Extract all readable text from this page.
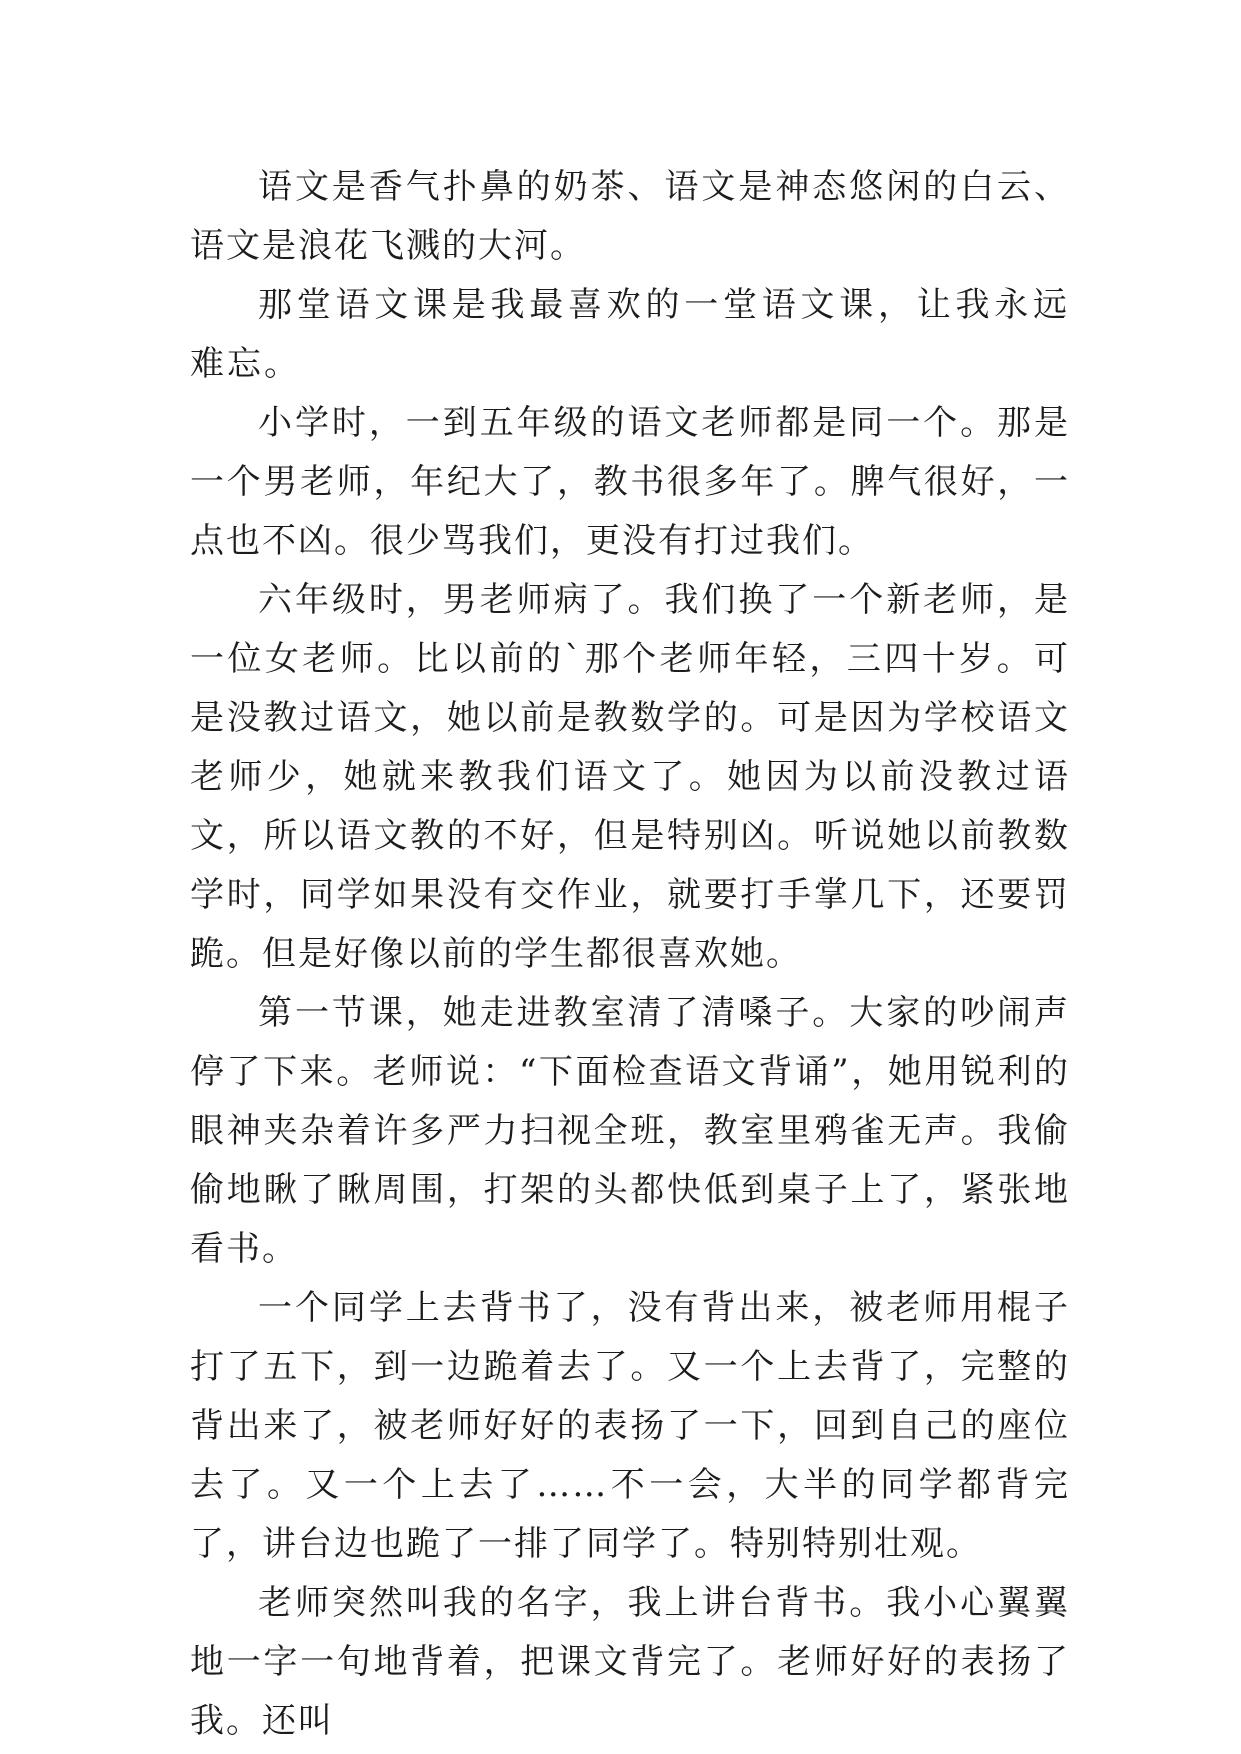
语文是香气扑鼻的奶茶、语文是神态悠闲的白云、语文是浪花飞溅的大河。

那堂语文课是我最喜欢的一堂语文课，让我永远难忘。

小学时，一到五年级的语文老师都是同一个。那是一个男老师，年纪大了，教书很多年了。脾气很好，一点也不凶。很少骂我们，更没有打过我们。

六年级时，男老师病了。我们换了一个新老师，是一位女老师。比以前的`那个老师年轻，三四十岁。可是没教过语文，她以前是教数学的。可是因为学校语文老师少，她就来教我们语文了。她因为以前没教过语文，所以语文教的不好，但是特别凶。听说她以前教数学时，同学如果没有交作业，就要打手掌几下，还要罚跪。但是好像以前的学生都很喜欢她。

第一节课，她走进教室清了清嗓子。大家的吵闹声停了下来。老师说：“下面检查语文背诵”，她用锐利的眼神夹杂着许多严力扫视全班，教室里鸦雀无声。我偷偷地瞅了瞅周围，打架的头都快低到桌子上了，紧张地看书。

一个同学上去背书了，没有背出来，被老师用棍子打了五下，到一边跪着去了。又一个上去背了，完整的背出来了，被老师好好的表扬了一下，回到自己的座位去了。又一个上去了……不一会，大半的同学都背完了，讲台边也跪了一排了同学了。特别特别壮观。

老师突然叫我的名字，我上讲台背书。我小心翼翼地一字一句地背着，把课文背完了。老师好好的表扬了我。还叫
